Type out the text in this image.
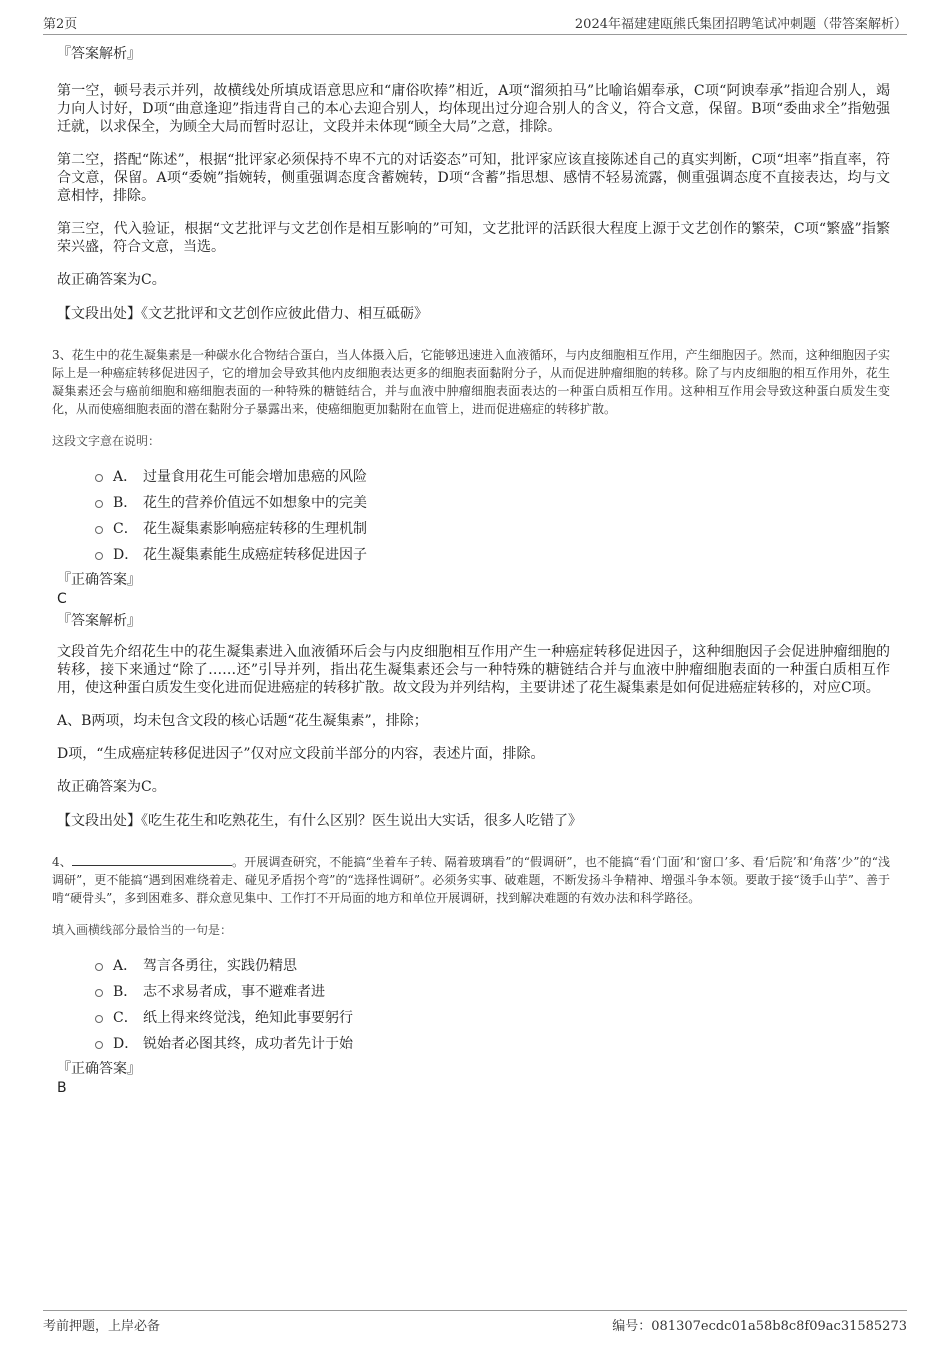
第2页	2024年福建建瓯熊氏集团招聘笔试冲刺题（带答案解析）

『答案解析』

第一空，顿号表示并列，故横线处所填成语意思应和“庸俗吹捧”相近，A项“溜须拍马”比喻谄媚奉承，C项“阿谀奉承”指迎合别人，竭力向人讨好，D项“曲意逢迎”指违背自己的本心去迎合别人，均体现出过分迎合别人的含义，符合文意，保留。B项“委曲求全”指勉强迁就，以求保全，为顾全大局而暂时忍让，文段并未体现“顾全大局”之意，排除。

第二空，搭配“陈述”，根据“批评家必须保持不卑不亢的对话姿态”可知，批评家应该直接陈述自己的真实判断，C项“坦率”指直率，符合文意，保留。A项“委婉”指婉转，侧重强调态度含蓄婉转，D项“含蓄”指思想、感情不轻易流露，侧重强调态度不直接表达，均与文意相悖，排除。

第三空，代入验证，根据“文艺批评与文艺创作是相互影响的”可知，文艺批评的活跃很大程度上源于文艺创作的繁荣，C项“繁盛”指繁荣兴盛，符合文意，当选。

故正确答案为C。

【文段出处】《文艺批评和文艺创作应彼此借力、相互砥砺》

3、花生中的花生凝集素是一种碳水化合物结合蛋白，当人体摄入后，它能够迅速进入血液循环，与内皮细胞相互作用，产生细胞因子。然而，这种细胞因子实际上是一种癌症转移促进因子，它的增加会导致其他内皮细胞表达更多的细胞表面黏附分子，从而促进肿瘤细胞的转移。除了与内皮细胞的相互作用外，花生凝集素还会与癌前细胞和癌细胞表面的一种特殊的糖链结合，并与血液中肿瘤细胞表面表达的一种蛋白质相互作用。这种相互作用会导致这种蛋白质发生变化，从而使癌细胞表面的潜在黏附分子暴露出来，使癌细胞更加黏附在血管上，进而促进癌症的转移扩散。

这段文字意在说明：

A． 过量食用花生可能会增加患癌的风险
B． 花生的营养价值远不如想象中的完美
C． 花生凝集素影响癌症转移的生理机制
D． 花生凝集素能生成癌症转移促进因子

『正确答案』

C

『答案解析』

文段首先介绍花生中的花生凝集素进入血液循环后会与内皮细胞相互作用产生一种癌症转移促进因子，这种细胞因子会促进肿瘤细胞的转移，接下来通过“除了……还”引导并列，指出花生凝集素还会与一种特殊的糖链结合并与血液中肿瘤细胞表面的一种蛋白质相互作用，使这种蛋白质发生变化进而促进癌症的转移扩散。故文段为并列结构，主要讲述了花生凝集素是如何促进癌症转移的，对应C项。

A、B两项，均未包含文段的核心话题“花生凝集素”，排除；

D项，“生成癌症转移促进因子”仅对应文段前半部分的内容，表述片面，排除。

故正确答案为C。

【文段出处】《吃生花生和吃熟花生，有什么区别？医生说出大实话，很多人吃错了》

4、	。开展调查研究，不能搞“坐着车子转、隔着玻璃看”的“假调研”，也不能搞“看‘门面’和‘窗口’多、看‘后院’和‘角落’少”的“浅调研”，更不能搞“遇到困难绕着走、碰见矛盾拐个弯”的“选择性调研”。必须务实事、破难题，不断发扬斗争精神、增强斗争本领。要敢于接“烫手山芋”、善于啃“硬骨头”，多到困难多、群众意见集中、工作打不开局面的地方和单位开展调研，找到解决难题的有效办法和科学路径。

填入画横线部分最恰当的一句是：

A． 驾言各勇往，实践仍精思
B． 志不求易者成，事不避难者进
C． 纸上得来终觉浅，绝知此事要躬行
D． 锐始者必图其终，成功者先计于始

『正确答案』

B

考前押题，上岸必备	编号：081307ecdc01a58b8c8f09ac31585273
